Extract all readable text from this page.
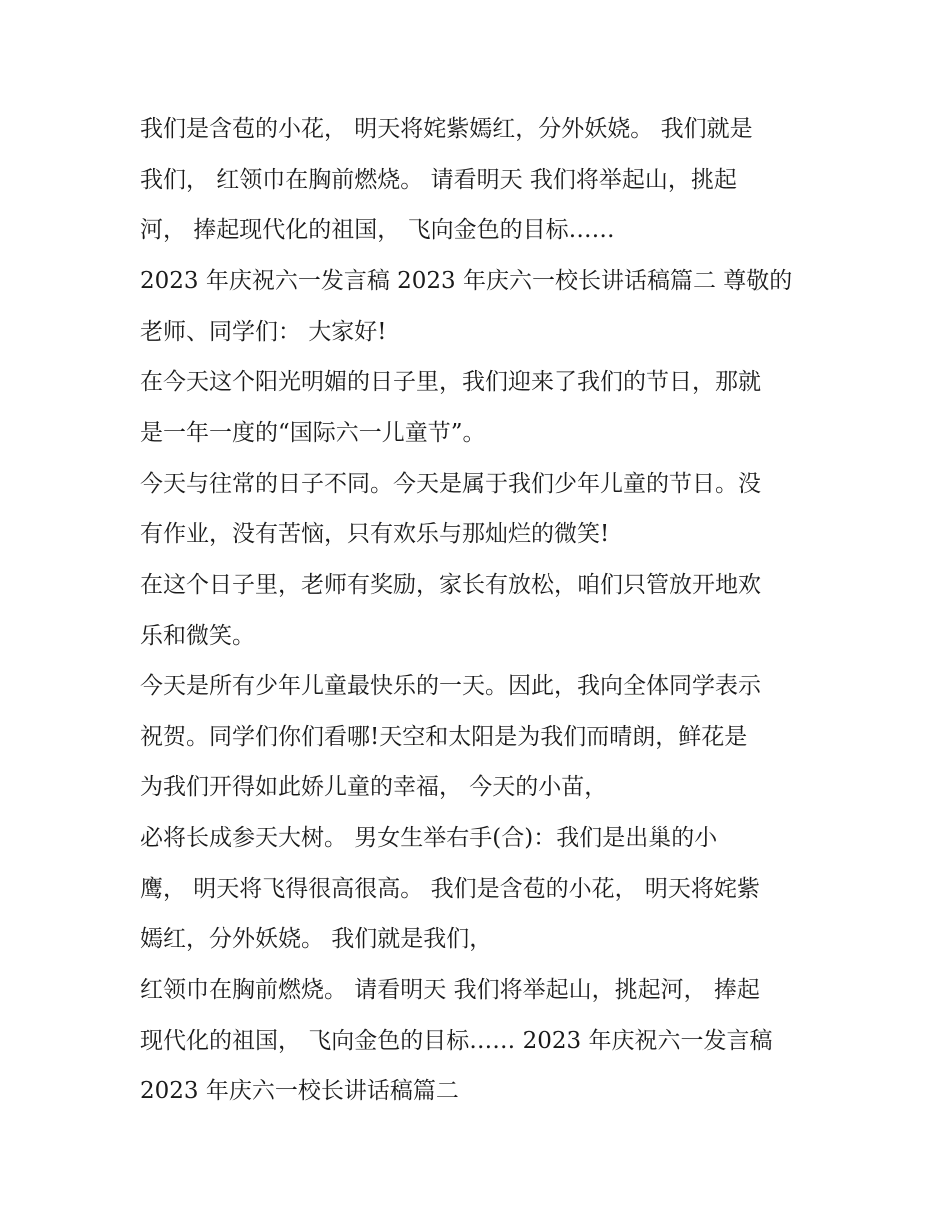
我们是含苞的小花， 明天将姹紫嫣红，分外妖娆。 我们就是

我们， 红领巾在胸前燃烧。 请看明天 我们将举起山，挑起

河， 捧起现代化的祖国， 飞向金色的目标……

2023 年庆祝六一发言稿 2023 年庆六一校长讲话稿篇二 尊敬的

老师、同学们： 大家好!

在今天这个阳光明媚的日子里，我们迎来了我们的节日，那就

是一年一度的“国际六一儿童节”。

今天与往常的日子不同。今天是属于我们少年儿童的节日。没

有作业，没有苦恼，只有欢乐与那灿烂的微笑!

在这个日子里，老师有奖励，家长有放松，咱们只管放开地欢

乐和微笑。

今天是所有少年儿童最快乐的一天。因此，我向全体同学表示

祝贺。同学们你们看哪!天空和太阳是为我们而晴朗，鲜花是

为我们开得如此娇儿童的幸福， 今天的小苗，

必将长成参天大树。 男女生举右手(合)：我们是出巢的小

鹰， 明天将飞得很高很高。 我们是含苞的小花， 明天将姹紫

嫣红，分外妖娆。 我们就是我们，

红领巾在胸前燃烧。 请看明天 我们将举起山，挑起河， 捧起

现代化的祖国， 飞向金色的目标…… 2023 年庆祝六一发言稿

2023 年庆六一校长讲话稿篇二
